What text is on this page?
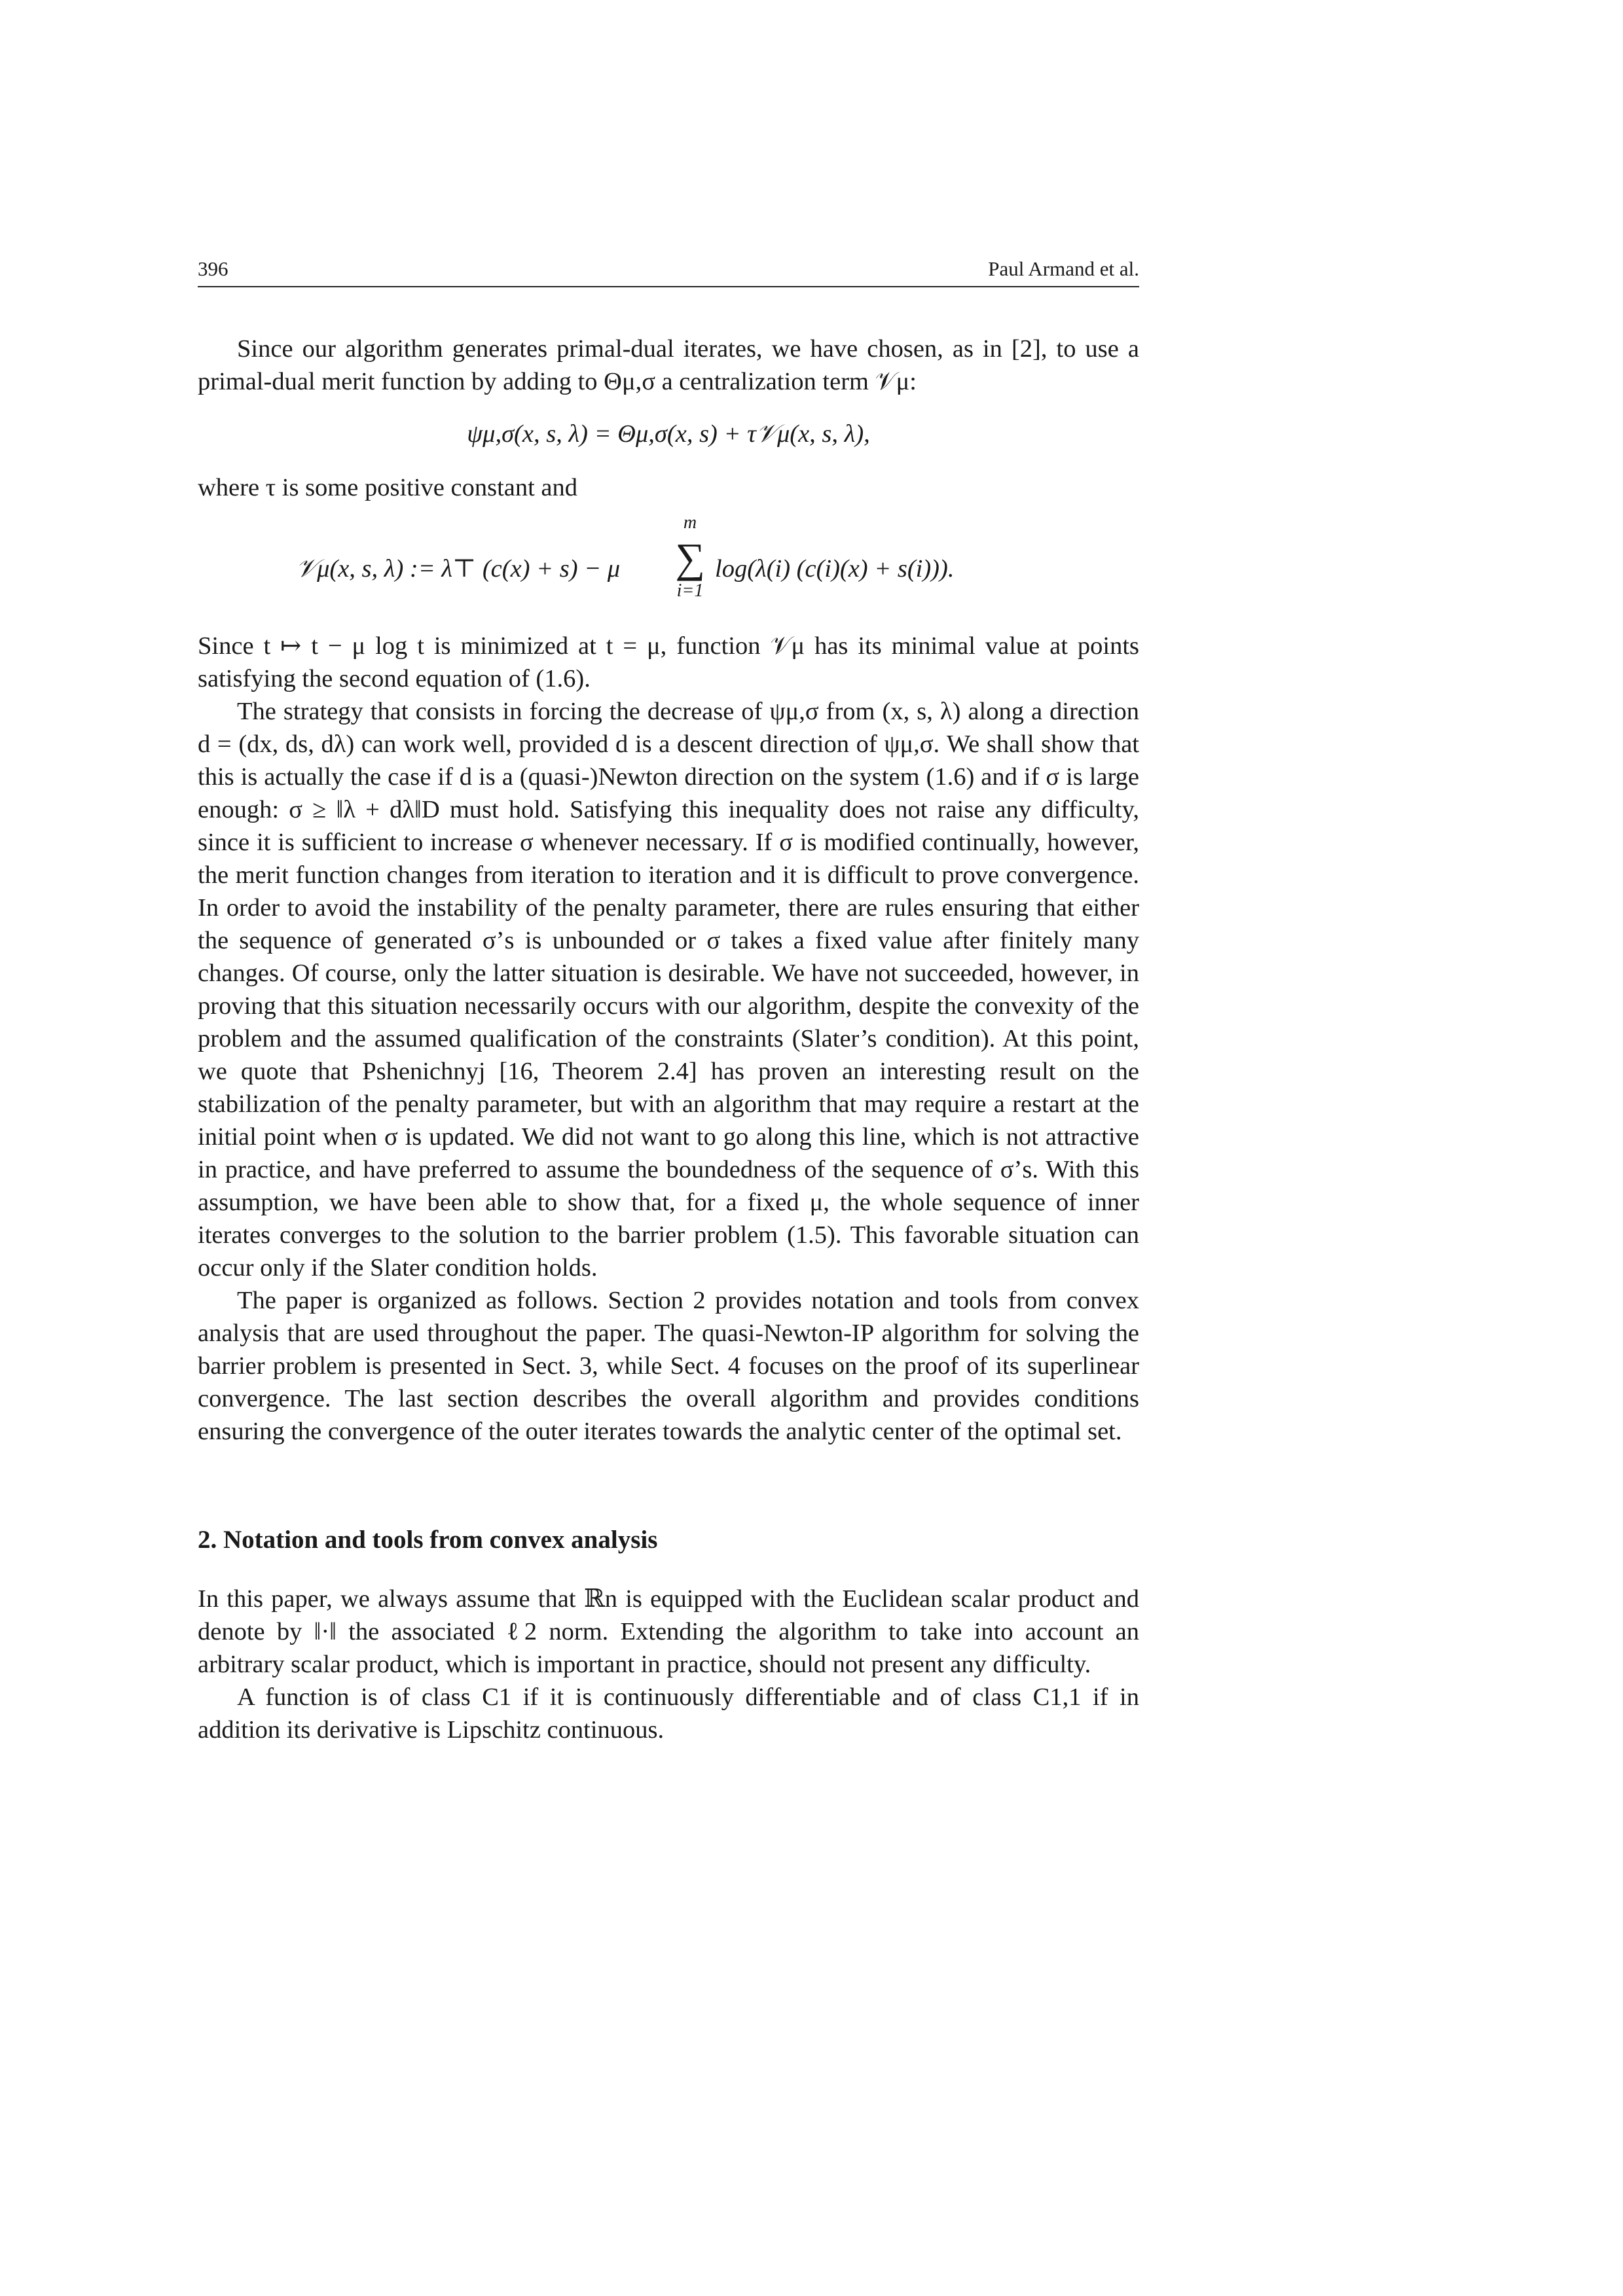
396	Paul Armand et al.

Since our algorithm generates primal-dual iterates, we have chosen, as in [2], to use a primal-dual merit function by adding to Θμ,σ a centralization term 𝒱μ:

ψμ,σ(x, s, λ) = Θμ,σ(x, s) + τ𝒱μ(x, s, λ),

where τ is some positive constant and

𝒱μ(x, s, λ) := λ⊤ (c(x) + s) − μ
m
∑
i=1
log(λ(i) (c(i)(x) + s(i))).

Since t ↦ t − μ log t is minimized at t = μ, function 𝒱μ has its minimal value at points satisfying the second equation of (1.6).

The strategy that consists in forcing the decrease of ψμ,σ from (x, s, λ) along a direction d = (dx, ds, dλ) can work well, provided d is a descent direction of ψμ,σ. We shall show that this is actually the case if d is a (quasi-)Newton direction on the system (1.6) and if σ is large enough: σ ≥ ‖λ + dλ‖D must hold. Satisfying this inequality does not raise any difficulty, since it is sufficient to increase σ whenever necessary. If σ is modified continually, however, the merit function changes from iteration to iteration and it is difficult to prove convergence. In order to avoid the instability of the penalty parameter, there are rules ensuring that either the sequence of generated σ’s is unbounded or σ takes a fixed value after finitely many changes. Of course, only the latter situation is desirable. We have not succeeded, however, in proving that this situation necessarily occurs with our algorithm, despite the convexity of the problem and the assumed qualification of the constraints (Slater’s condition). At this point, we quote that Pshenichnyj [16, Theorem 2.4] has proven an interesting result on the stabilization of the penalty parameter, but with an algorithm that may require a restart at the initial point when σ is updated. We did not want to go along this line, which is not attractive in practice, and have preferred to assume the boundedness of the sequence of σ’s. With this assumption, we have been able to show that, for a fixed μ, the whole sequence of inner iterates converges to the solution to the barrier problem (1.5). This favorable situation can occur only if the Slater condition holds.

The paper is organized as follows. Section 2 provides notation and tools from convex analysis that are used throughout the paper. The quasi-Newton-IP algorithm for solving the barrier problem is presented in Sect. 3, while Sect. 4 focuses on the proof of its superlinear convergence. The last section describes the overall algorithm and provides conditions ensuring the convergence of the outer iterates towards the analytic center of the optimal set.

2. Notation and tools from convex analysis

In this paper, we always assume that ℝn is equipped with the Euclidean scalar product and denote by ‖·‖ the associated ℓ2 norm. Extending the algorithm to take into account an arbitrary scalar product, which is important in practice, should not present any difficulty.

A function is of class C1 if it is continuously differentiable and of class C1,1 if in addition its derivative is Lipschitz continuous.
